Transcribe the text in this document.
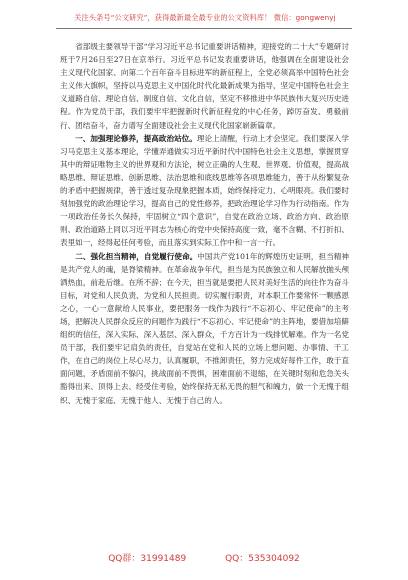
关注头条号“公文研究”，获得最新最全最专业的公文资料库！ 微信：gongwenyj

省部级主要领导干部“学习习近平总书记重要讲话精神，迎接党的二十大”专题研讨班于7月26日至27日在京举行。习近平总书记发表重要讲话，他强调在全面建设社会主义现代化国家、向第二个百年奋斗目标进军的新征程上，全党必须高举中国特色社会主义伟大旗帜，坚持以马克思主义中国化时代化最新成果为指导，坚定中国特色社会主义道路自信、理论自信、制度自信、文化自信，坚定不移推进中华民族伟大复兴历史进程。作为党员干部，我们要牢牢把握新时代新征程党的中心任务，踔厉奋发、勇毅前行、团结奋斗，奋力谱写全面建设社会主义现代化国家崭新篇章。

一、加强理论修养，提高政治站位。理论上清醒，行动上才会坚定。我们要深入学习马克思主义基本理论，学懂弄通做实习近平新时代中国特色社会主义思想，掌握贯穿其中的辩证唯物主义的世界观和方法论，树立正确的人生观、世界观、价值观，提高战略思维、辩证思维、创新思维、法治思维和底线思维等各项思维能力，善于从纷繁复杂的矛盾中把握规律，善于透过复杂现象把握本质，始终保持定力、心明眼亮。我们要时刻加强党的政治理论学习，提高自己的党性修养，把政治理论学习作为行动指南。作为一项政治任务长久保持，牢固树立“四个意识”，自觉在政治立场、政治方向、政治原则、政治道路上同以习近平同志为核心的党中央保持高度一致，毫不含糊、不打折扣、表里如一，经得起任何考验，而且落实到实际工作中和一言一行。

二、强化担当精神，自觉履行使命。中国共产党101年的辉煌历史证明，担当精神是共产党人的魂，是脊梁精神。在革命战争年代，担当是为民族独立和人民解放抛头颅洒热血，前赴后继。在所不辞；在今天，担当就是要把人民对美好生活的向往作为奋斗目标，对党和人民负责、为党和人民担责。切实履行职责，对本职工作要常怀一颗感恩之心，一心一意献给人民事业，要把服务一线作为践行“不忘初心、牢记使命”的主考场，把解决人民群众反应的问题作为践行“不忘初心、牢记使命”的主阵地，要借加培僻组织的信任，深入实际、深入基层、深入群众，千方百计为一线排忧解难。作为一名党员干部，我们要牢记肩负的责任，自觉站在党和人民的立场上想问题、办事情、干工作，在自己的岗位上尽心尽力，认真履职，不推卸责任，努力完成好每件工作，敢于直面问题，矛盾面前不躲闪，挑战面前不畏惧，困难面前不退缩，在关键时刻和危急关头豁得出来、顶得上去、经受住考验，始终保持无私无畏的胆气和魄力，做一个无愧于组织、无愧于家庭、无愧于他人、无愧于自己的人。

QQ群：31991489	QQ：535304092
